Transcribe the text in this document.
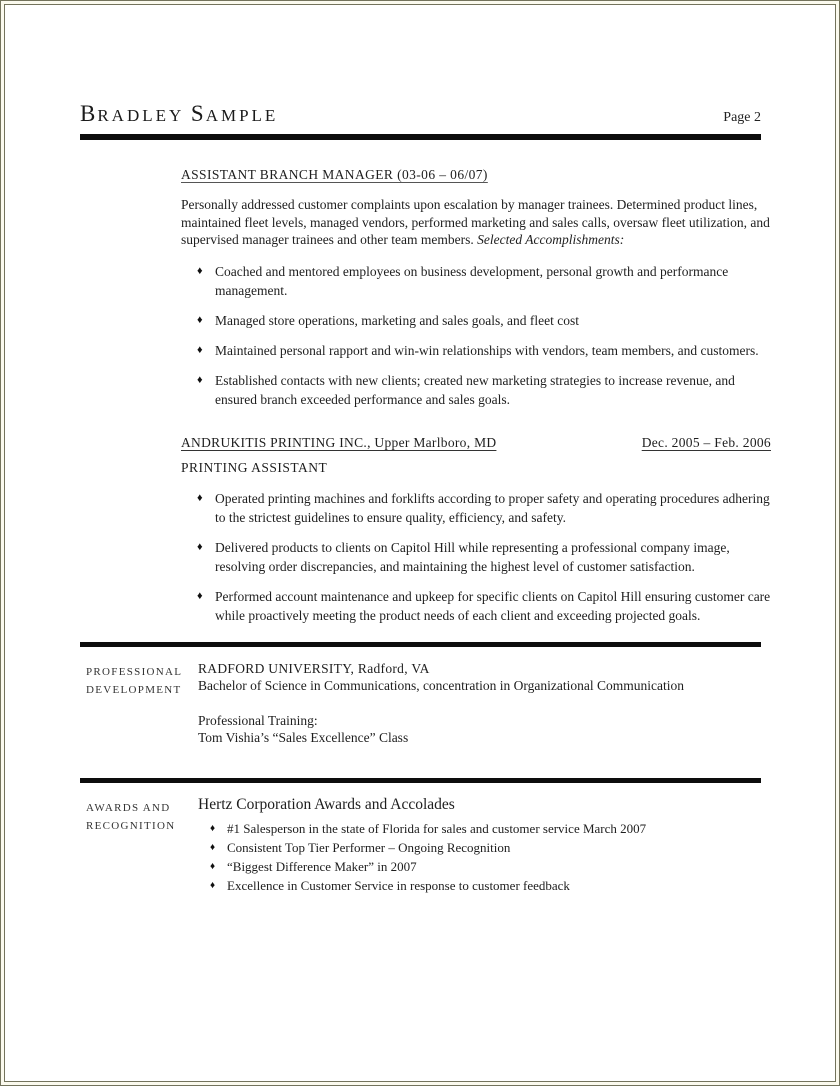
BRADLEY SAMPLE	Page 2
ASSISTANT BRANCH MANAGER (03-06 – 06/07)

Personally addressed customer complaints upon escalation by manager trainees. Determined product lines, maintained fleet levels, managed vendors, performed marketing and sales calls, oversaw fleet utilization, and supervised manager trainees and other team members. Selected Accomplishments:

♦ Coached and mentored employees on business development, personal growth and performance management.
♦ Managed store operations, marketing and sales goals, and fleet cost
♦ Maintained personal rapport and win-win relationships with vendors, team members, and customers.
♦ Established contacts with new clients; created new marketing strategies to increase revenue, and ensured branch exceeded performance and sales goals.
ANDRUKITIS PRINTING INC., Upper Marlboro, MD	Dec. 2005 – Feb. 2006
PRINTING ASSISTANT
♦ Operated printing machines and forklifts according to proper safety and operating procedures adhering to the strictest guidelines to ensure quality, efficiency, and safety.
♦ Delivered products to clients on Capitol Hill while representing a professional company image, resolving order discrepancies, and maintaining the highest level of customer satisfaction.
♦ Performed account maintenance and upkeep for specific clients on Capitol Hill ensuring customer care while proactively meeting the product needs of each client and exceeding projected goals.
PROFESSIONAL
DEVELOPMENT
RADFORD UNIVERSITY, Radford, VA
Bachelor of Science in Communications, concentration in Organizational Communication
Professional Training:
Tom Vishia’s “Sales Excellence” Class
AWARDS AND
RECOGNITION
Hertz Corporation Awards and Accolades
♦ #1 Salesperson in the state of Florida for sales and customer service March 2007
♦ Consistent Top Tier Performer – Ongoing Recognition
♦ “Biggest Difference Maker” in 2007
♦ Excellence in Customer Service in response to customer feedback
